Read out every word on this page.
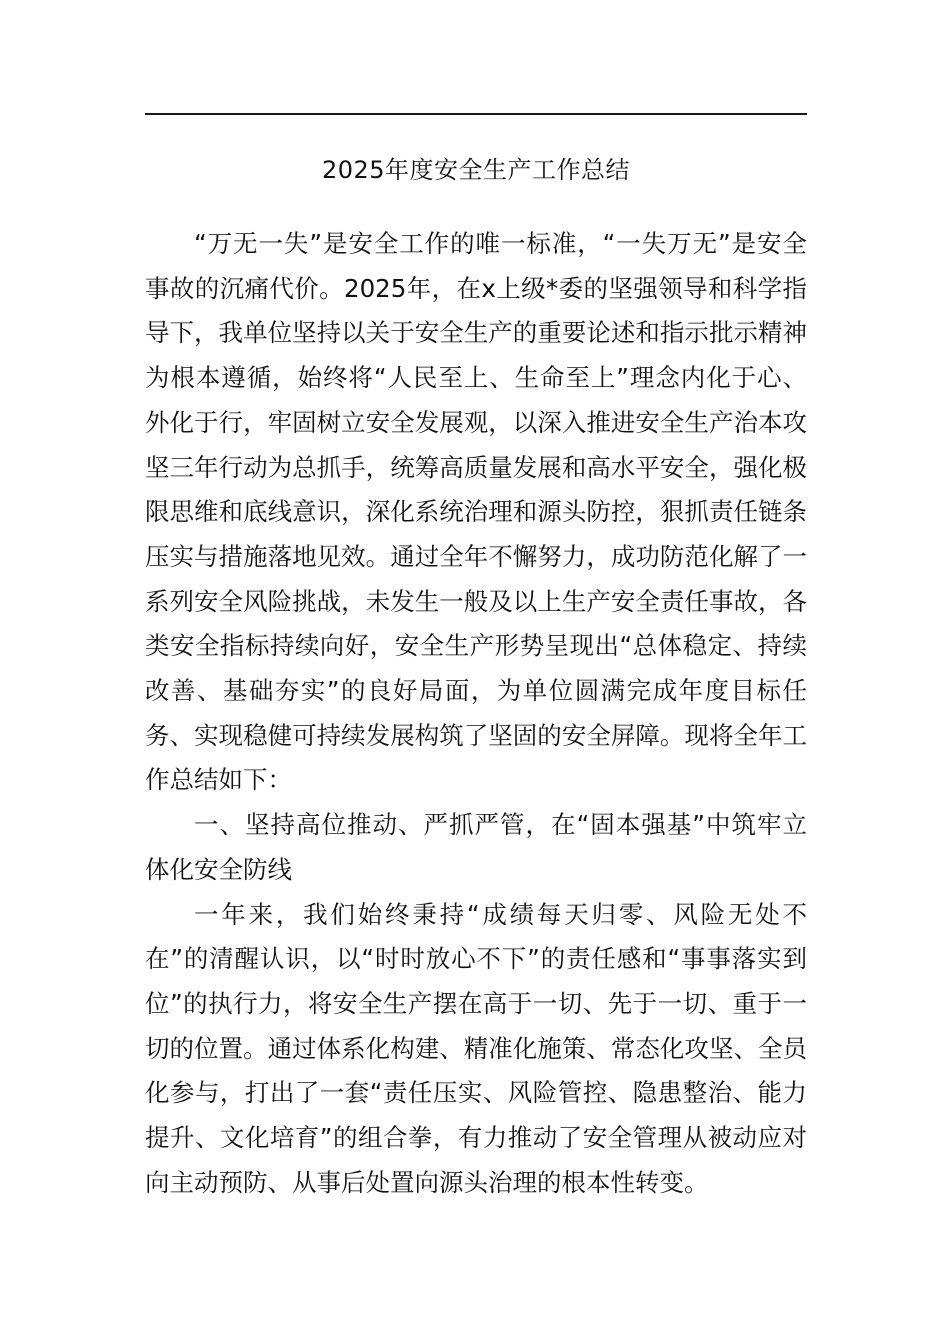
2025年度安全生产工作总结

“万无一失”是安全工作的唯一标准，“一失万无”是安全事故的沉痛代价。2025年，在x上级*委的坚强领导和科学指导下，我单位坚持以关于安全生产的重要论述和指示批示精神为根本遵循，始终将“人民至上、生命至上”理念内化于心、外化于行，牢固树立安全发展观，以深入推进安全生产治本攻坚三年行动为总抓手，统筹高质量发展和高水平安全，强化极限思维和底线意识，深化系统治理和源头防控，狠抓责任链条压实与措施落地见效。通过全年不懈努力，成功防范化解了一系列安全风险挑战，未发生一般及以上生产安全责任事故，各类安全指标持续向好，安全生产形势呈现出“总体稳定、持续改善、基础夯实”的良好局面，为单位圆满完成年度目标任务、实现稳健可持续发展构筑了坚固的安全屏障。现将全年工作总结如下：

一、坚持高位推动、严抓严管，在“固本强基”中筑牢立体化安全防线

一年来，我们始终秉持“成绩每天归零、风险无处不在”的清醒认识，以“时时放心不下”的责任感和“事事落实到位”的执行力，将安全生产摆在高于一切、先于一切、重于一切的位置。通过体系化构建、精准化施策、常态化攻坚、全员化参与，打出了一套“责任压实、风险管控、隐患整治、能力提升、文化培育”的组合拳，有力推动了安全管理从被动应对向主动预防、从事后处置向源头治理的根本性转变。
